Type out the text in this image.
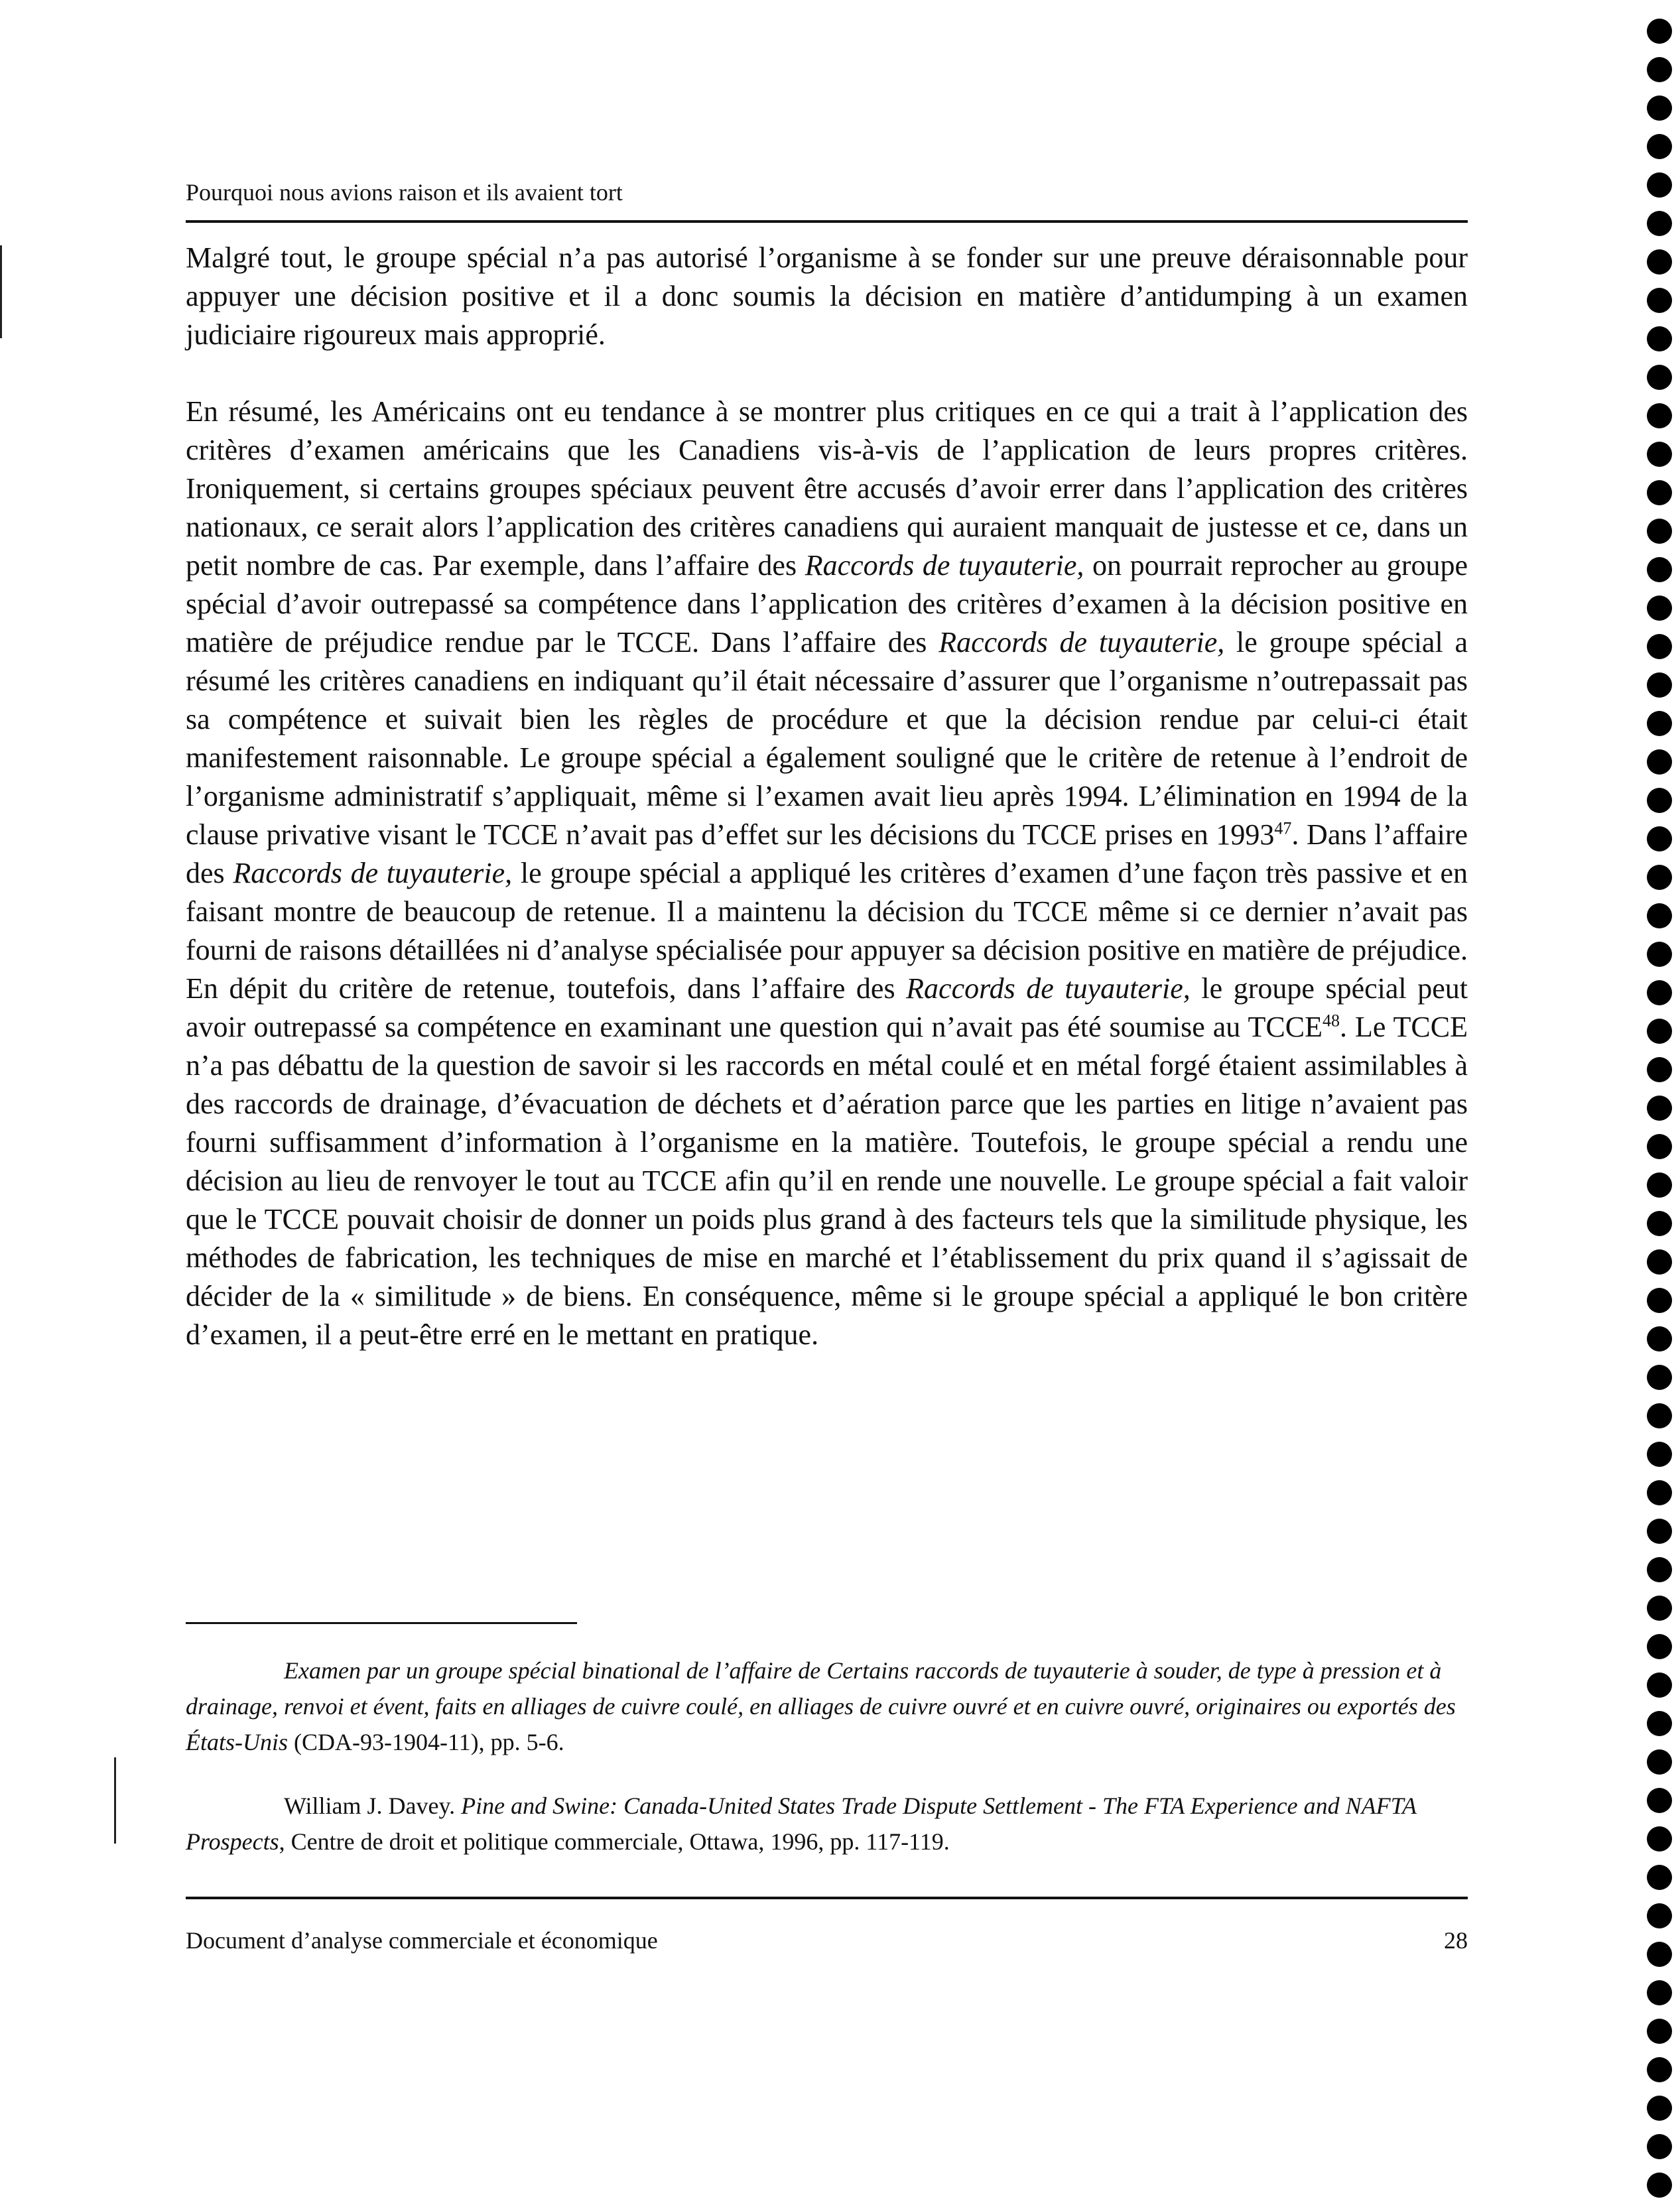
Pourquoi nous avions raison et ils avaient tort

Malgré tout, le groupe spécial n’a pas autorisé l’organisme à se fonder sur une preuve déraisonnable pour appuyer une décision positive et il a donc soumis la décision en matière d’antidumping à un examen judiciaire rigoureux mais approprié.

En résumé, les Américains ont eu tendance à se montrer plus critiques en ce qui a trait à l’application des critères d’examen américains que les Canadiens vis-à-vis de l’application de leurs propres critères. Ironiquement, si certains groupes spéciaux peuvent être accusés d’avoir errer dans l’application des critères nationaux, ce serait alors l’application des critères canadiens qui auraient manquait de justesse et ce, dans un petit nombre de cas. Par exemple, dans l’affaire des Raccords de tuyauterie, on pourrait reprocher au groupe spécial d’avoir outrepassé sa compétence dans l’application des critères d’examen à la décision positive en matière de préjudice rendue par le TCCE. Dans l’affaire des Raccords de tuyauterie, le groupe spécial a résumé les critères canadiens en indiquant qu’il était nécessaire d’assurer que l’organisme n’outrepassait pas sa compétence et suivait bien les règles de procédure et que la décision rendue par celui-ci était manifestement raisonnable. Le groupe spécial a également souligné que le critère de retenue à l’endroit de l’organisme administratif s’appliquait, même si l’examen avait lieu après 1994. L’élimination en 1994 de la clause privative visant le TCCE n’avait pas d’effet sur les décisions du TCCE prises en 1993$^{47}$. Dans l’affaire des Raccords de tuyauterie, le groupe spécial a appliqué les critères d’examen d’une façon très passive et en faisant montre de beaucoup de retenue. Il a maintenu la décision du TCCE même si ce dernier n’avait pas fourni de raisons détaillées ni d’analyse spécialisée pour appuyer sa décision positive en matière de préjudice. En dépit du critère de retenue, toutefois, dans l’affaire des Raccords de tuyauterie, le groupe spécial peut avoir outrepassé sa compétence en examinant une question qui n’avait pas été soumise au TCCE$^{48}$. Le TCCE n’a pas débattu de la question de savoir si les raccords en métal coulé et en métal forgé étaient assimilables à des raccords de drainage, d’évacuation de déchets et d’aération parce que les parties en litige n’avaient pas fourni suffisamment d’information à l’organisme en la matière. Toutefois, le groupe spécial a rendu une décision au lieu de renvoyer le tout au TCCE afin qu’il en rende une nouvelle. Le groupe spécial a fait valoir que le TCCE pouvait choisir de donner un poids plus grand à des facteurs tels que la similitude physique, les méthodes de fabrication, les techniques de mise en marché et l’établissement du prix quand il s’agissait de décider de la « similitude » de biens. En conséquence, même si le groupe spécial a appliqué le bon critère d’examen, il a peut-être erré en le mettant en pratique.

Examen par un groupe spécial binational de l’affaire de Certains raccords de tuyauterie à souder, de type à pression et à drainage, renvoi et évent, faits en alliages de cuivre coulé, en alliages de cuivre ouvré et en cuivre ouvré, originaires ou exportés des États-Unis (CDA-93-1904-11), pp. 5-6.

William J. Davey. Pine and Swine: Canada-United States Trade Dispute Settlement - The FTA Experience and NAFTA Prospects, Centre de droit et politique commerciale, Ottawa, 1996, pp. 117-119.

Document d’analyse commerciale et économique	28
